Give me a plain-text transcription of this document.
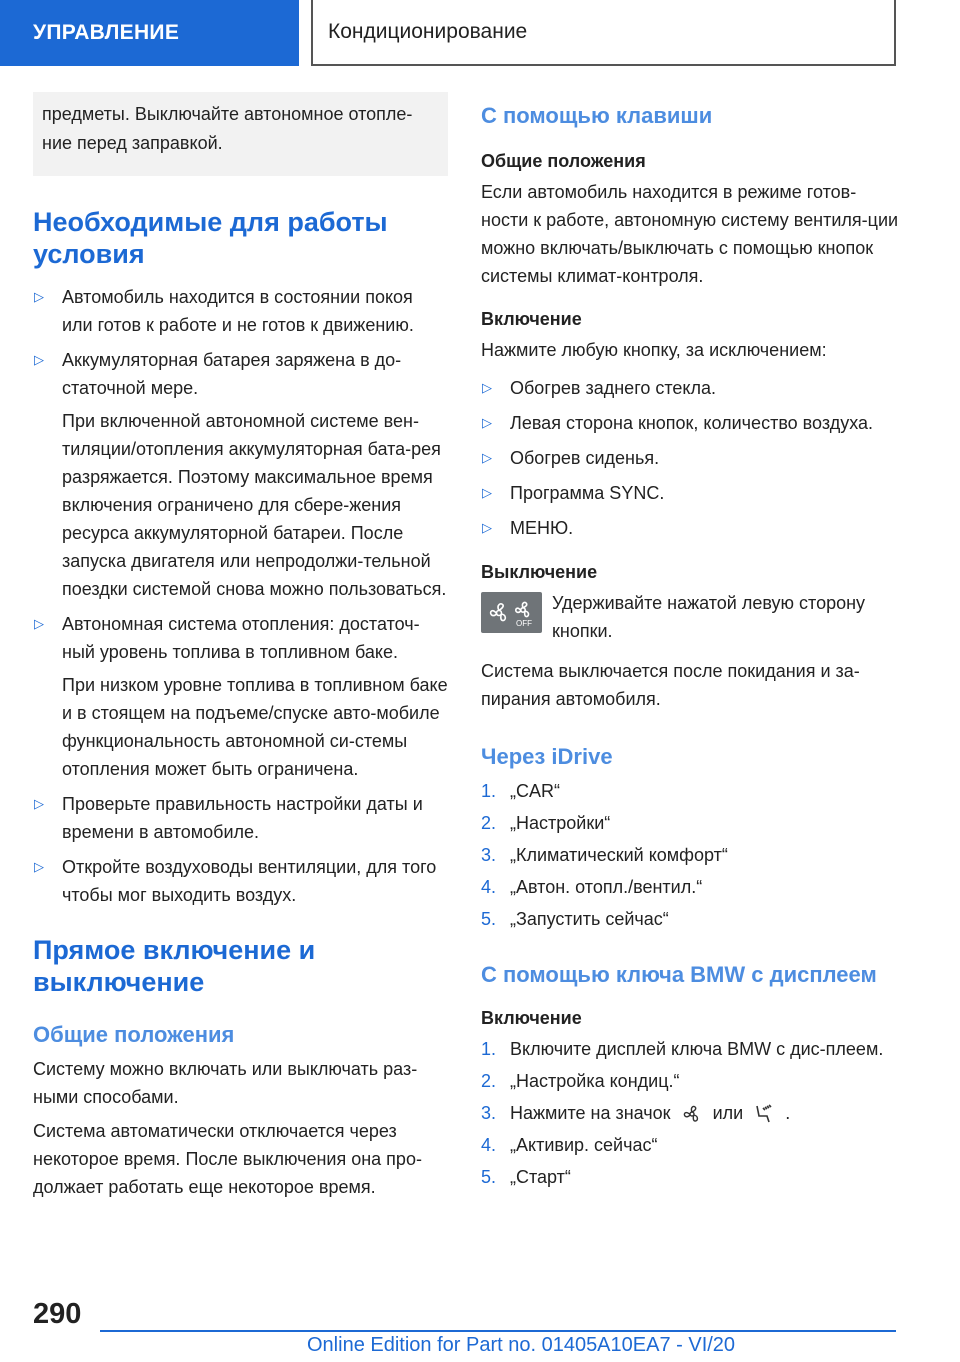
УПРАВЛЕНИЕ	Кондиционирование
предметы. Выключайте автономное отопле-ние перед заправкой.
Необходимые для работы условия
▷ Автомобиль находится в состоянии покоя или готов к работе и не готов к движению.
▷ Аккумуляторная батарея заряжена в до-статочной мере.
При включенной автономной системе вен-тиляции/отопления аккумуляторная бата-рея разряжается. Поэтому максимальное время включения ограничено для сбере-жения ресурса аккумуляторной батареи. После запуска двигателя или непродолжи-тельной поездки системой снова можно пользоваться.
▷ Автономная система отопления: достаточ-ный уровень топлива в топливном баке.
При низком уровне топлива в топливном баке и в стоящем на подъеме/спуске авто-мобиле функциональность автономной си-стемы отопления может быть ограничена.
▷ Проверьте правильность настройки даты и времени в автомобиле.
▷ Откройте воздуховоды вентиляции, для того чтобы мог выходить воздух.
Прямое включение и выключение
Общие положения

Систему можно включать или выключать раз-ными способами.

Система автоматически отключается через некоторое время. После выключения она про-должает работать еще некоторое время.

С помощью клавиши
Общие положения

Если автомобиль находится в режиме готов-ности к работе, автономную систему вентиля-ции можно включать/выключать с помощью кнопок системы климат-контроля.

Включение

Нажмите любую кнопку, за исключением:

▷ Обогрев заднего стекла.
▷ Левая сторона кнопок, количество воздуха.
▷ Обогрев сиденья.
▷ Программа SYNC.
▷ МЕНЮ.
Выключение
OFF
Удерживайте нажатой левую сторону кнопки.

Система выключается после покидания и за-пирания автомобиля.

Через iDrive
1. „CAR“
2. „Настройки“
3. „Климатический комфорт“
4. „Автон. отопл./вентил.“
5. „Запустить сейчас“
С помощью ключа BMW с дисплеем
Включение
1. Включите дисплей ключа BMW с дис-плеем.
2. „Настройка кондиц.“
3. Нажмите на значок или .
4. „Активир. сейчас“
5. „Старт“
290
Online Edition for Part no. 01405A10EA7 - VI/20
